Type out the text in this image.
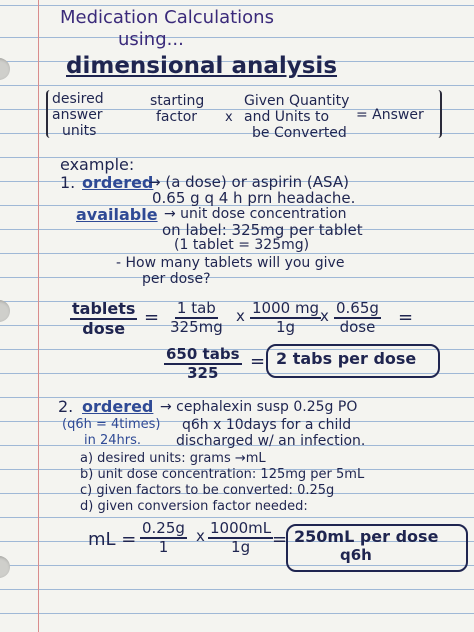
Medication Calculations
using...
dimensional analysis
desired
answer
units
starting
factor x
Given Quantity
and Units to
be Converted
= Answer
example:
1. ordered
→ (a dose) or aspirin (ASA)
0.65 g q 4 h prn headache.
available → unit dose concentration
on label: 325mg per tablet
(1 tablet = 325mg)
- How many tablets will you give
per dose?
tablets
dose
= 1 tab
325mg
x $\frac{1000 mg}{1g}$
x 0.65g
dose =
650 tabs
325
= 2 tabs per dose
2. ordered → cephalexin susp 0.25g PO
(q6h = 4times)
in 24hrs.
q6h x 10days for a child
discharged w/ an infection.
a) desired units: grams →mL
b) unit dose concentration: 125mg per 5mL
c) given factors to be converted: 0.25g
d) given conversion factor needed:
mL = $\frac{0.25g}{1}$ x $\frac{1000mL}{1g}$
= 250mL per dose
q6h
